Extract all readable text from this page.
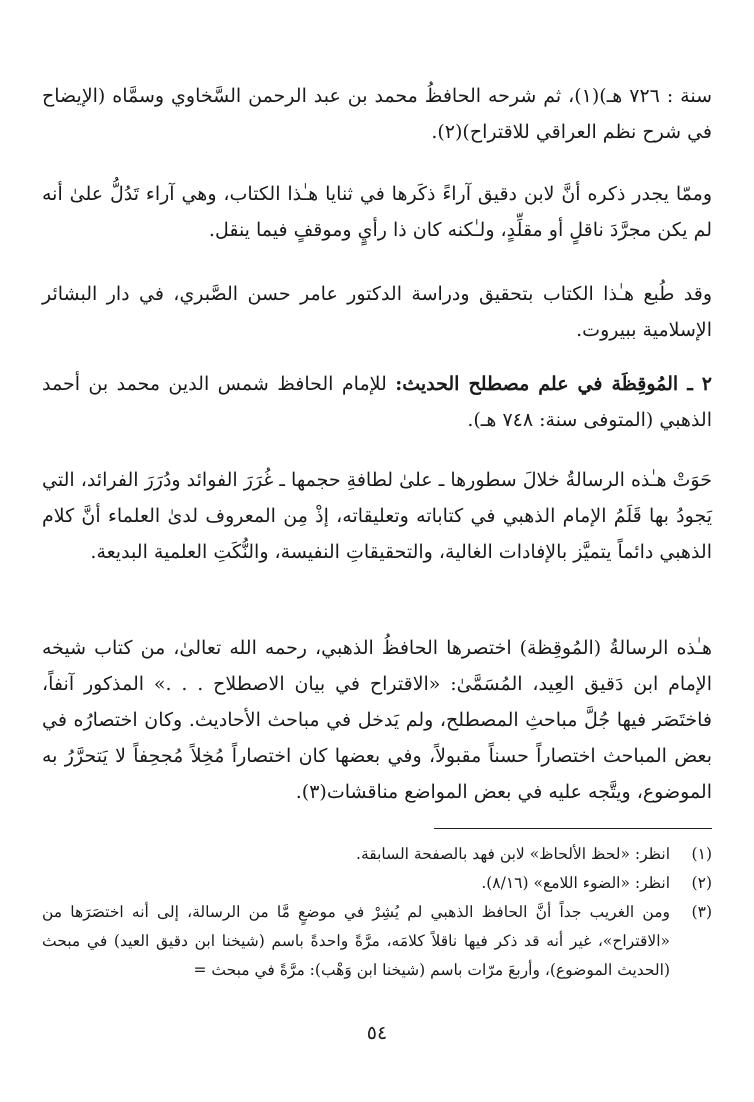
سنة : ٧٢٦ هـ)(١)، ثم شرحه الحافظُ محمد بن عبد الرحمن السَّخاوي وسمَّاه (الإيضاح في شرح نظم العراقي للاقتراح)(٢).

وممّا يجدر ذكره أنَّ لابن دقيق آراءً ذكَرها في ثنايا هـٰذا الكتاب، وهي آراء تَدُلُّ علىٰ أنه لم يكن مجرَّدَ ناقلٍ أو مقلِّدٍ، ولـٰكنه كان ذا رأيٍ وموقفٍ فيما ينقل.

وقد طُبع هـٰذا الكتاب بتحقيق ودراسة الدكتور عامر حسن الصَّبري، في دار البشائر الإسلامية ببيروت.

٢ ـ المُوقِظَة في علم مصطلح الحديث: للإمام الحافظ شمس الدين محمد بن أحمد الذهبي (المتوفى سنة: ٧٤٨ هـ).

حَوَتْ هـٰذه الرسالةُ خلالَ سطورها ـ علىٰ لطافةِ حجمها ـ غُرَرَ الفوائد ودُرَرَ الفرائد، التي يَجودُ بها قَلَمُ الإمام الذهبي في كتاباته وتعليقاته، إذْ مِن المعروف لدىٰ العلماء أنَّ كلام الذهبي دائماً يتميَّز بالإفادات الغالية، والتحقيقاتِ النفيسة، والنُّكَتِ العلمية البديعة.

هـٰذه الرسالةُ (المُوقِظة) اختصرها الحافظُ الذهبي، رحمه الله تعالىٰ، من كتاب شيخه الإمام ابن دَقيق العِيد، المُسَمَّىٰ: «الاقتراح في بيان الاصطلاح . . .» المذكور آنفاً، فاختَصَر فيها جُلَّ مباحثِ المصطلح، ولم يَدخل في مباحث الأحاديث. وكان اختصارُه في بعض المباحث اختصاراً حسناً مقبولاً، وفي بعضها كان اختصاراً مُخِلاً مُجحِفاً لا يَتحرَّرُ به الموضوع، ويتَّجه عليه في بعض المواضع مناقشات(٣).

(١)
انظر: «لحظ الألحاظ» لابن فهد بالصفحة السابقة.
(٢)
انظر: «الضوء اللامع» (٨/١٦).
(٣)
ومن الغريب جداً أنَّ الحافظ الذهبي لم يُشِرْ في موضعٍ مَّا من الرسالة، إلى أنه اختصَرَها من «الاقتراح»، غير أنه قد ذكر فيها ناقلاً كلامَه، مرَّةً واحدةً باسم (شيخنا ابن دقيق العيد) في مبحث (الحديث الموضوع)، وأربعَ مرّات باسم (شيخنا ابن وَهْب): مرَّةً في مبحث =
٥٤
